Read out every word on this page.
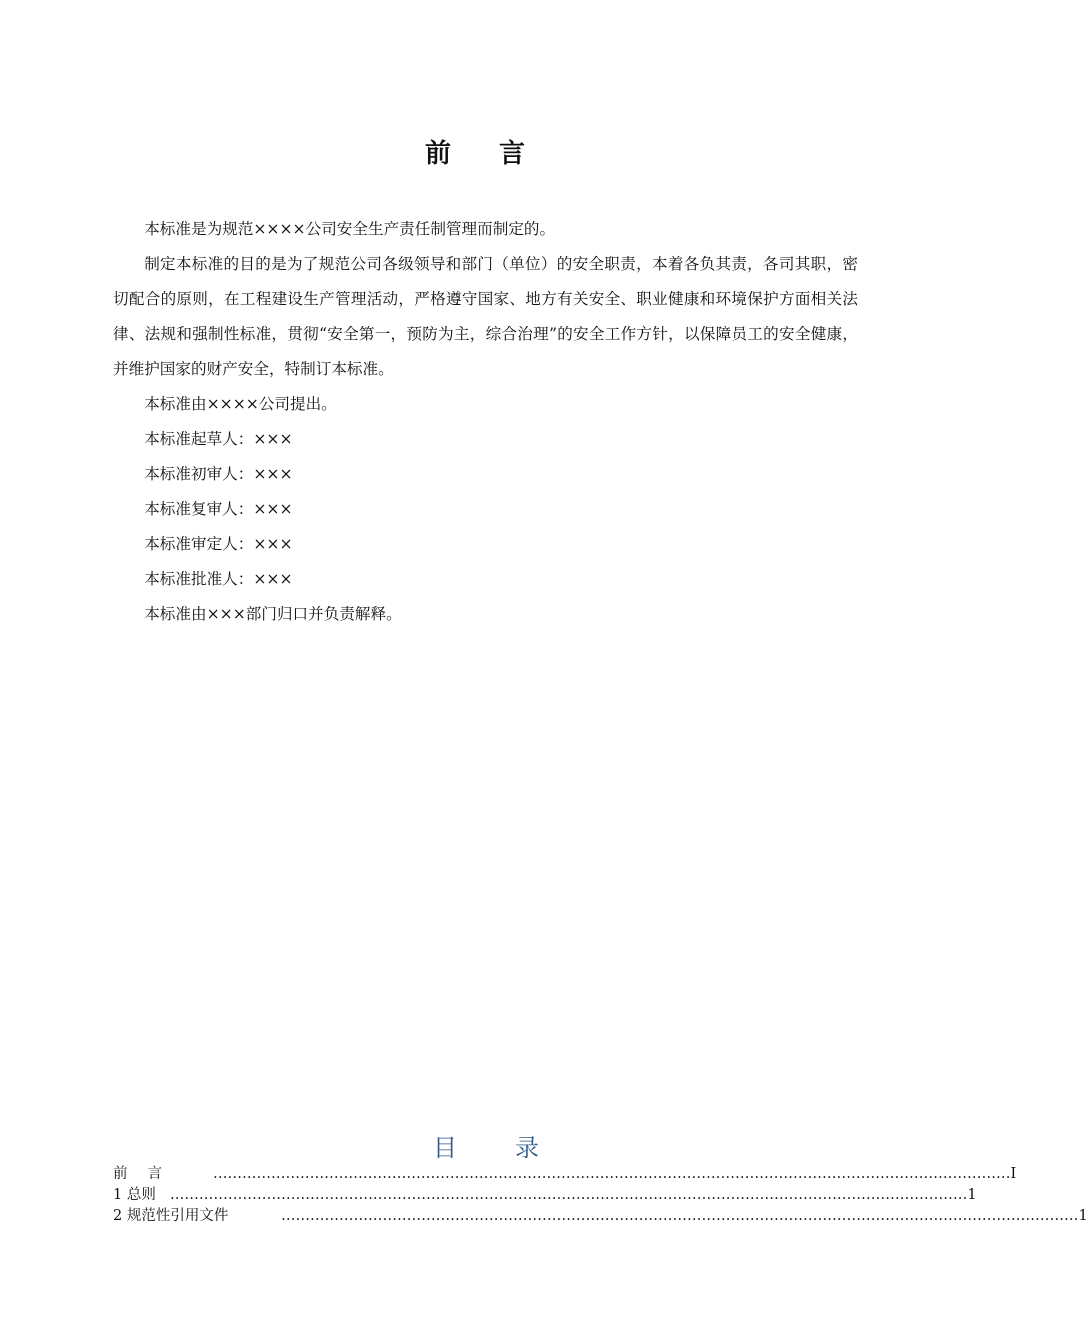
前言

本标准是为规范××××公司安全生产责任制管理而制定的。

制定本标准的目的是为了规范公司各级领导和部门（单位）的安全职责，本着各负其责，各司其职，密切配合的原则，在工程建设生产管理活动，严格遵守国家、地方有关安全、职业健康和环境保护方面相关法律、法规和强制性标准，贯彻“安全第一，预防为主，综合治理”的安全工作方针，以保障员工的安全健康，并维护国家的财产安全，特制订本标准。

本标准由××××公司提出。

本标准起草人：×××

本标准初审人：×××

本标准复审人：×××

本标准审定人：×××

本标准批准人：×××

本标准由×××部门归口并负责解释。

目录
前言	………………………………………………………………………………………………………………………………………………… I
1 总则 ………………………………………………………………………………………………………………………………………………… 1
2 规范性引用文件	………………………………………………………………………………………………………………………………………………… 1
